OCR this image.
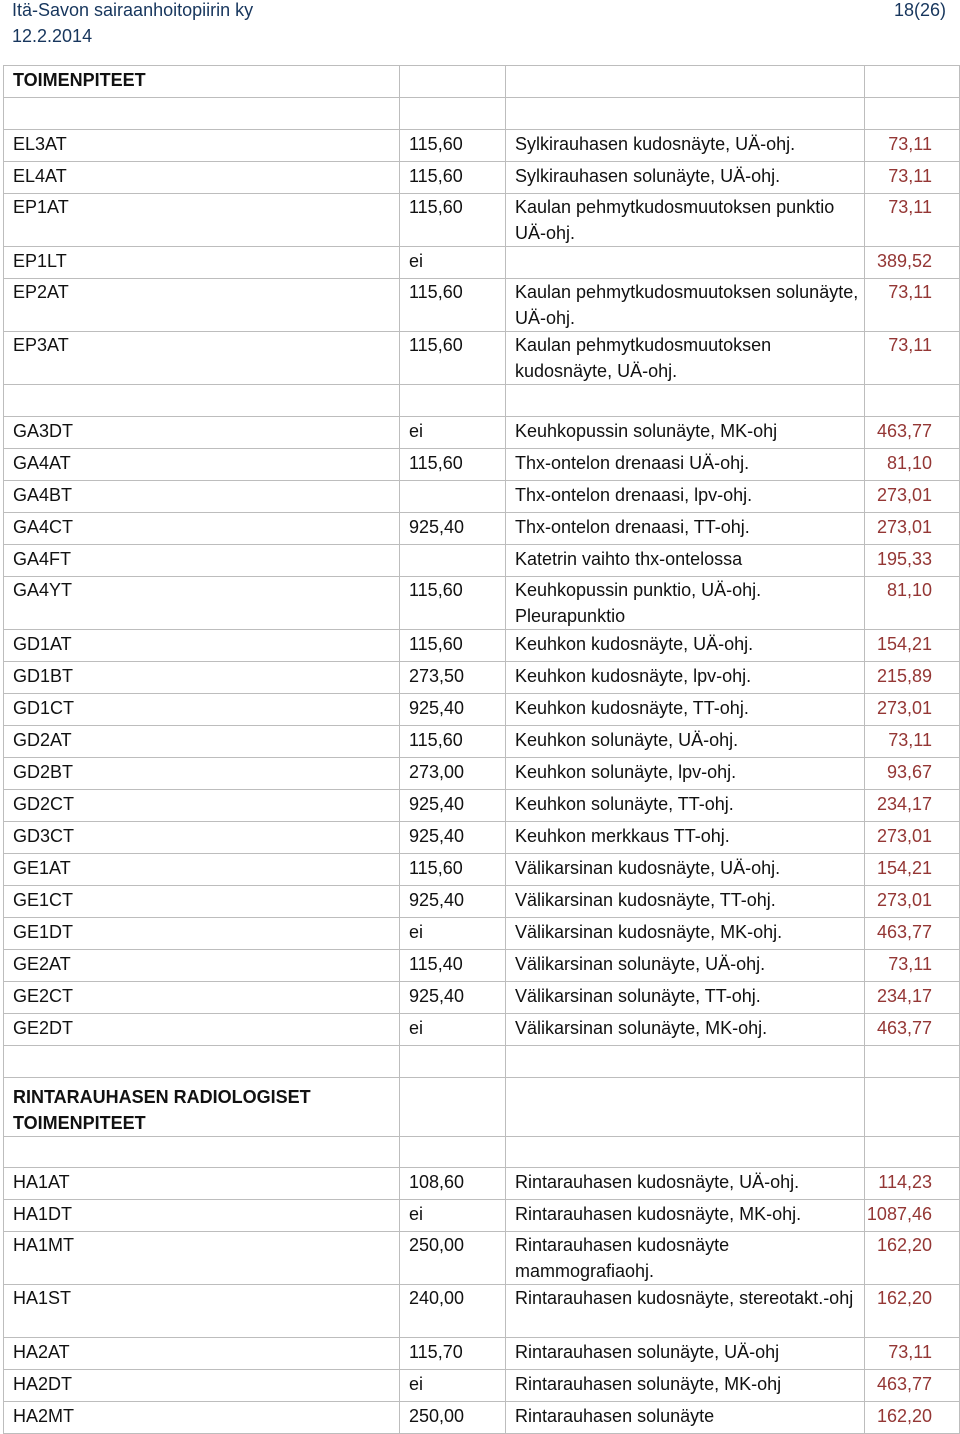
Itä-Savon sairaanhoitopiirin ky
12.2.2014
18(26)
TOIMENPITEET			

EL3AT	115,60	Sylkirauhasen kudosnäyte, UÄ-ohj.	73,11
EL4AT	115,60	Sylkirauhasen solunäyte, UÄ-ohj.	73,11
EP1AT	115,60	Kaulan pehmytkudosmuutoksen punktio UÄ-ohj.	73,11
EP1LT	ei		389,52
EP2AT	115,60	Kaulan pehmytkudosmuutoksen solunäyte, UÄ-ohj.	73,11
EP3AT	115,60	Kaulan pehmytkudosmuutoksen kudosnäyte, UÄ-ohj.	73,11

GA3DT	ei	Keuhkopussin solunäyte, MK-ohj	463,77
GA4AT	115,60	Thx-ontelon drenaasi UÄ-ohj.	81,10
GA4BT		Thx-ontelon drenaasi, lpv-ohj.	273,01
GA4CT	925,40	Thx-ontelon drenaasi, TT-ohj.	273,01
GA4FT		Katetrin vaihto thx-ontelossa	195,33
GA4YT	115,60	Keuhkopussin punktio, UÄ-ohj. Pleurapunktio	81,10
GD1AT	115,60	Keuhkon kudosnäyte, UÄ-ohj.	154,21
GD1BT	273,50	Keuhkon kudosnäyte, lpv-ohj.	215,89
GD1CT	925,40	Keuhkon kudosnäyte, TT-ohj.	273,01
GD2AT	115,60	Keuhkon solunäyte, UÄ-ohj.	73,11
GD2BT	273,00	Keuhkon solunäyte, lpv-ohj.	93,67
GD2CT	925,40	Keuhkon solunäyte, TT-ohj.	234,17
GD3CT	925,40	Keuhkon merkkaus TT-ohj.	273,01
GE1AT	115,60	Välikarsinan kudosnäyte, UÄ-ohj.	154,21
GE1CT	925,40	Välikarsinan kudosnäyte, TT-ohj.	273,01
GE1DT	ei	Välikarsinan kudosnäyte, MK-ohj.	463,77
GE2AT	115,40	Välikarsinan solunäyte, UÄ-ohj.	73,11
GE2CT	925,40	Välikarsinan solunäyte, TT-ohj.	234,17
GE2DT	ei	Välikarsinan solunäyte, MK-ohj.	463,77

RINTARAUHASEN RADIOLOGISET TOIMENPITEET			

HA1AT	108,60	Rintarauhasen kudosnäyte, UÄ-ohj.	114,23
HA1DT	ei	Rintarauhasen kudosnäyte, MK-ohj.	1087,46
HA1MT	250,00	Rintarauhasen kudosnäyte mammografiaohj.	162,20
HA1ST	240,00	Rintarauhasen kudosnäyte, stereotakt.-ohj	162,20
HA2AT	115,70	Rintarauhasen solunäyte, UÄ-ohj	73,11
HA2DT	ei	Rintarauhasen solunäyte, MK-ohj	463,77
HA2MT	250,00	Rintarauhasen solunäyte	162,20
